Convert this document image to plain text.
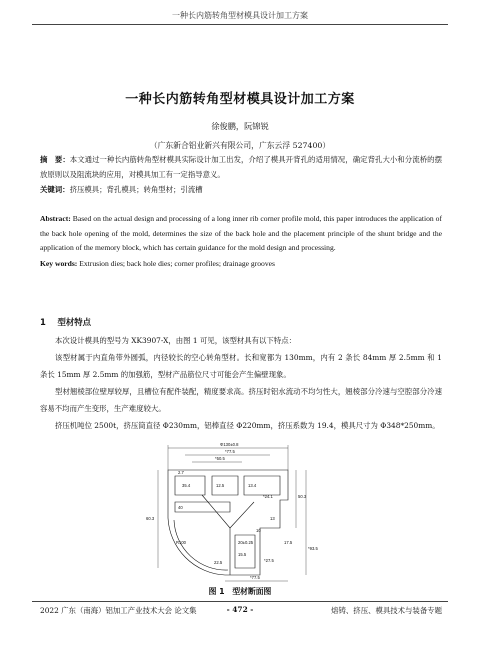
一种长内筋转角型材模具设计加工方案
一种长内筋转角型材模具设计加工方案
徐俊鹏，阮锦锐
（广东新合铝业新兴有限公司，广东云浮 527400）
摘　要：本文通过一种长内筋转角型材模具实际设计加工出发，介绍了模具开背孔的适用情况，确定背孔大小和分流桥的摆放原则以及阻流块的应用，对模具加工有一定指导意义。
关键词：挤压模具；背孔模具；转角型材；引流槽
Abstract: Based on the actual design and processing of a long inner rib corner profile mold, this paper introduces the application of the back hole opening of the mold, determines the size of the back hole and the placement principle of the shunt bridge and the application of the memory block, which has certain guidance for the mold design and processing.
Key words: Extrusion dies; back hole dies; corner profiles; drainage grooves
1 型材特点
本次设计模具的型号为 XK3907-X，由图 1 可见，该型材具有以下特点：
该型材属于内直角带外圆弧，内径较长的空心转角型材。长和宽都为 130mm，内有 2 条长 84mm 厚 2.5mm 和 1 条长 15mm 厚 2.5mm 的加强筋，型材产品筋位尺寸可能会产生偏壁现象。
型材翘棱部位壁厚较厚，且槽位有配件装配，精度要求高。挤压时铝水流动不均匀性大，翘棱部分冷速与空腔部分冷速容易不均而产生变形，生产难度较大。
挤压机吨位 2500t，挤压筒直径 Φ230mm，铝棒直径 Φ220mm，挤压系数为 19.4，模具尺寸为 Φ348*250mm。
Φ130±0.8
*77.5
*50.5
2.7
35.4	12.5	13.4
*24.1	50.3
40
60.3	13
10
20±0.25
15.5
17.5
*93.5
*27.5
R100
22.5
*77.5
图 1　型材断面图
2022 广东（南海）铝加工产业技术大会 论文集	- 472 -	熔铸、挤压、模具技术与装备专题
